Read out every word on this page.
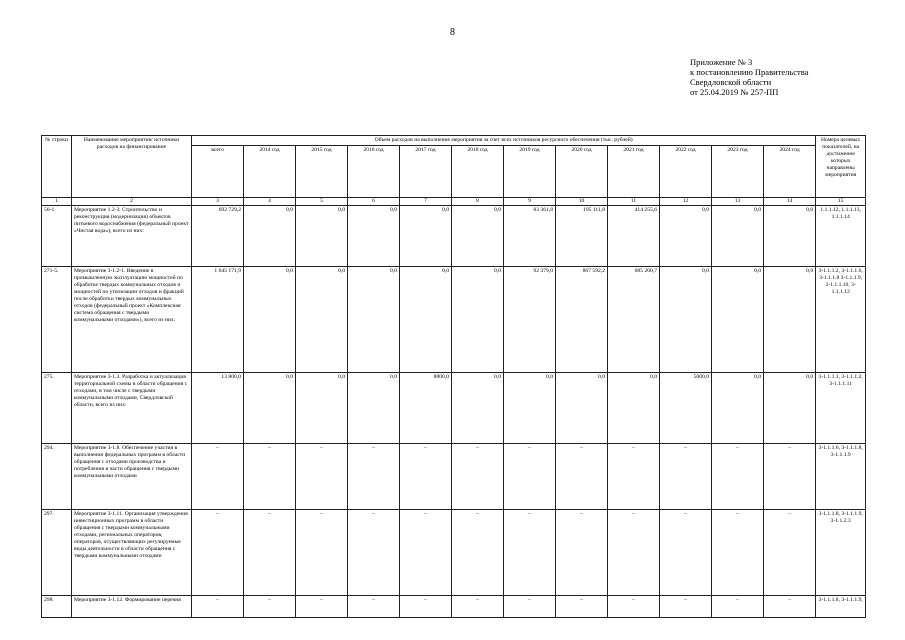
8
Приложение № 3
к постановлению Правительства
Свердловской области
от 25.04.2019 № 257-ПП
№ строки	Наименование мероприятия/ источники расходов на финансирование	Объем расходов на выполнение мероприятия за счет всех источников ресурсного обеспечения (тыс. рублей)												Номера целевых показателей, на достижение которых направлены мероприятия
		всего	2014 год	2015 год	2016 год	2017 год	2018 год	2019 год	2020 год	2021 год	2022 год	2023 год	2024 год	
1	2	3	4	5	6	7	8	9	10	11	12	13	14	15
56-1.	Мероприятие 1.2-3. Строительство и реконструкция (модернизация) объектов питьевого водоснабжения (федеральный проект «Чистая вода»), всего из них:	692 729,2	0,0	0,0	0,0	0,0	0,0	83 361,8	195 111,8	414 255,6	0,0	0,0	0,0	1.1.1.12, 1.1.1.13, 1.1.1.14
271-5.	Мероприятие 3-1.2-1. Введение в промышленную эксплуатацию мощностей по обработке твердых коммунальных отходов и мощностей по утилизации отходов и фракций после обработки твердых коммунальных отходов (федеральный проект «Комплексная система обращения с твердыми коммунальными отходами»), всего из них:	1 645 171,9	0,0	0,0	0,0	0,0	0,0	92 379,0	867 592,2	685 200,7	0,0	0,0	0,0	3-1.1.1.2, 3-1.1.1.6, 3-1.1.1.8 3-1.1.1.9, 3-1.1.1.10, 3-1.1.1.12
275.	Мероприятие 3-1.3. Разработка и актуализация территориальной схемы в области обращения с отходами, в том числе с твердыми коммунальными отходами, Свердловской области, всего из них:	13 800,0	0,0	0,0	0,0	8800,0	0,0	0,0	0,0	0,0	5000,0	0,0	0,0	3-1.1.1.1, 3-1.1.1.2, 3-1.1.1.11
294.	Мероприятие 3-1.8. Обеспечение участия в выполнении федеральных программ в области обращения с отходами производства и потребления в части обращения с твердыми коммунальными отходами	–	–	–	–	–	–	–	–	–	–	–	–	3-1.1.1.6, 3-1.1.1.8, 3-1.1.1.9
297.	Мероприятие 3-1.11. Организация утверждения инвестиционных программ в области обращения с твердыми коммунальными отходами, региональных операторов, операторов, осуществляющих регулируемые виды деятельности в области обращения с твердыми коммунальными отходами	–	–	–	–	–	–	–	–	–	–	–	–	3-1.1.1.8, 3-1.1.1.9, 3-1.1.2.3
298.	Мероприятие 3-1.12. Формирование перечня	–	–	–	–	–	–	–	–	–	–	–	–	3-1.1.1.8, 3-1.1.1.9,
